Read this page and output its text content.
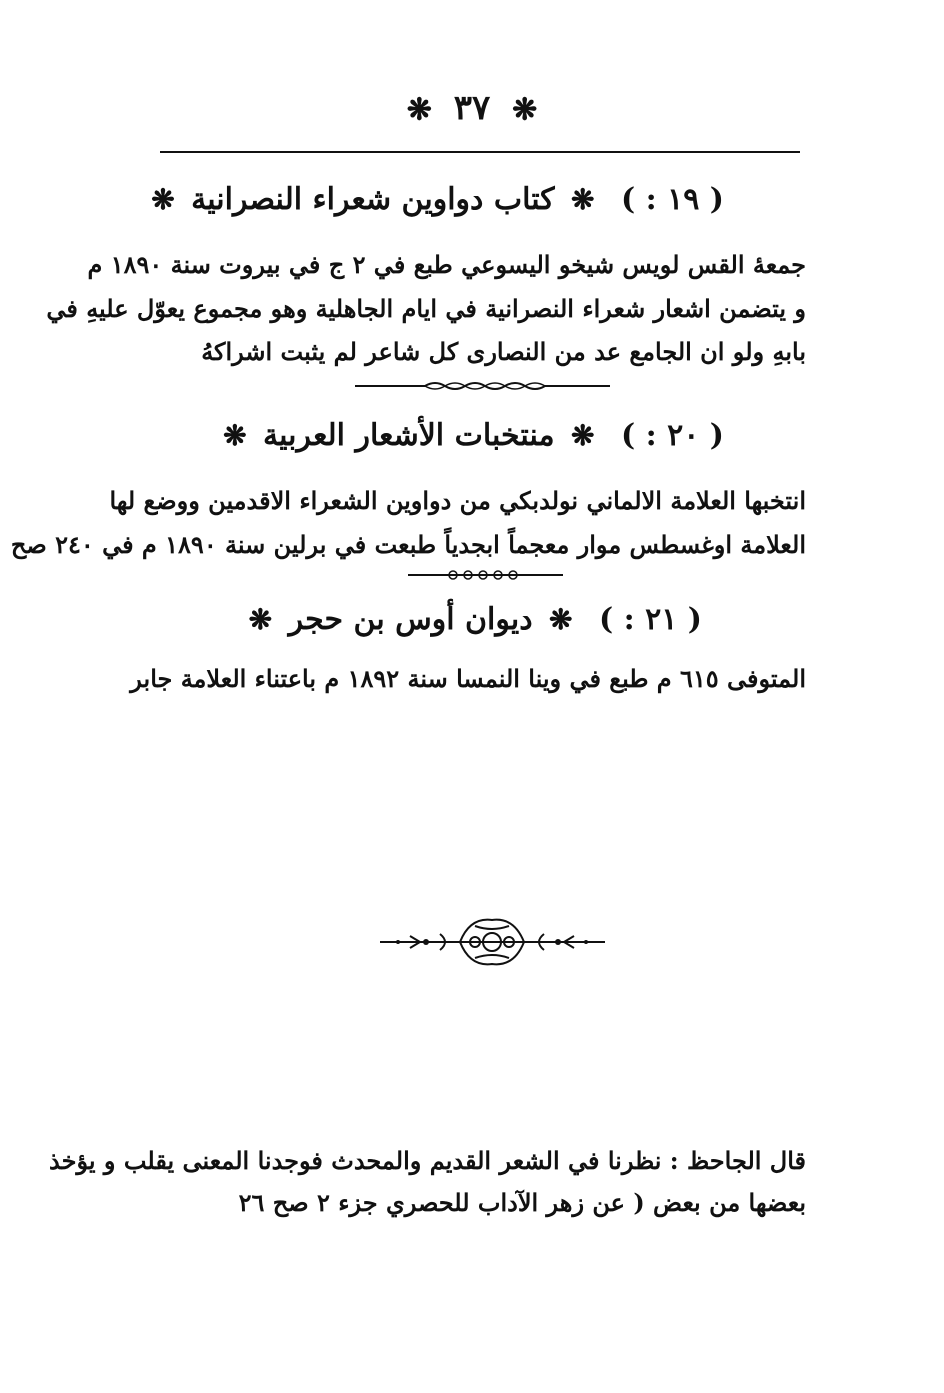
❋ ٣٧ ❋
( ١٩ : ) ❋ كتاب دواوين شعراء النصرانية ❋
جمعهٔ القس لويس شيخو اليسوعي طبع في ٢ ج في بيروت سنة ١٨٩٠ م
و يتضمن اشعار شعراء النصرانية في ايام الجاهلية وهو مجموع يعوّل عليهِ في
بابهِ ولو ان الجامع عد من النصارى كل شاعر لم يثبت اشراكهُ
( ٢٠ : ) ❋ منتخبات الأشعار العربية ❋
انتخبها العلامة الالماني نولدبكي من دواوين الشعراء الاقدمين ووضع لها
العلامة اوغسطس موار معجماً ابجدياً طبعت في برلين سنة ١٨٩٠ م في ٢٤٠ صح
( ٢١ : ) ❋ ديوان أوس بن حجر ❋
المتوفى ٦١٥ م طبع في وينا النمسا سنة ١٨٩٢ م باعتناء العلامة جابر
قال الجاحظ : نظرنا في الشعر القديم والمحدث فوجدنا المعنى يقلب و يؤخذ
بعضها من بعض ( عن زهر الآداب للحصري جزء ٢ صح ٢٦
